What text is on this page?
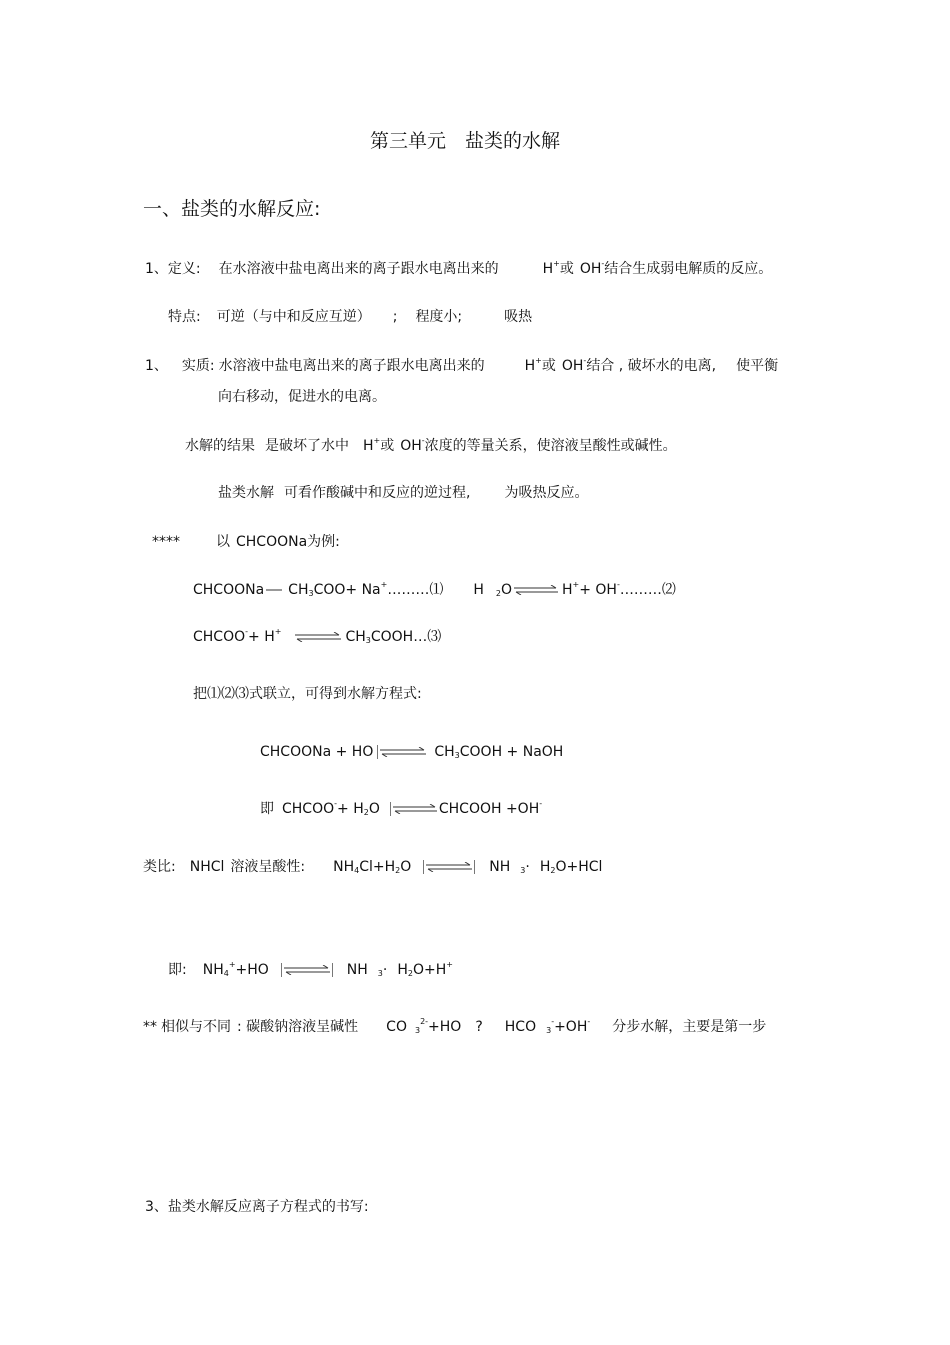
第三单元　盐类的水解
一、盐类的水解反应:
1、定义: 在水溶液中盐电离出来的离子跟水电离出来的	H+或 OH-结合生成弱电解质的反应。
特点: 可逆（与中和反应互逆） ; 程度小;	吸热
1、 实质: 水溶液中盐电离出来的离子跟水电离出来的	H+或 OH-结合 , 破坏水的电离, 使平衡
向右移动，促进水的电离。
水解的结果 是破坏了水中 H+或 OH-浓度的等量关系，使溶液呈酸性或碱性。
盐类水解 可看作酸碱中和反应的逆过程, 为吸热反应。
****	以 CHCOONa为例:
CHCOONa $CH_3COO+$ Na+………⑴ H $_2$O ⇌ H++ OH-………⑵
CHCOO-+ H+ ⇌ $CH_3COOH\dots ⑶$
把⑴⑵⑶式联立，可得到水解方程式:
CHCOONa + HO ⇌ $CH_3COOH$ + NaOH
即 CHCOO-+ $H_2O$ ⇌ CHCOOH +OH-
类比: NHCl 溶液呈酸性: $NH_4Cl+H_2O$ ⇌ NH $_3\cdot H_2O+HCl$
即: $NH_4^++HO$ ⇌ NH $_3\cdot H_2O+H^+$
** 相似与不同 : 碳酸钠溶液呈碱性 CO $_3^{2-}$+HO ? HCO $_3$-+OH- 分步水解，主要是第一步
3、盐类水解反应离子方程式的书写:
